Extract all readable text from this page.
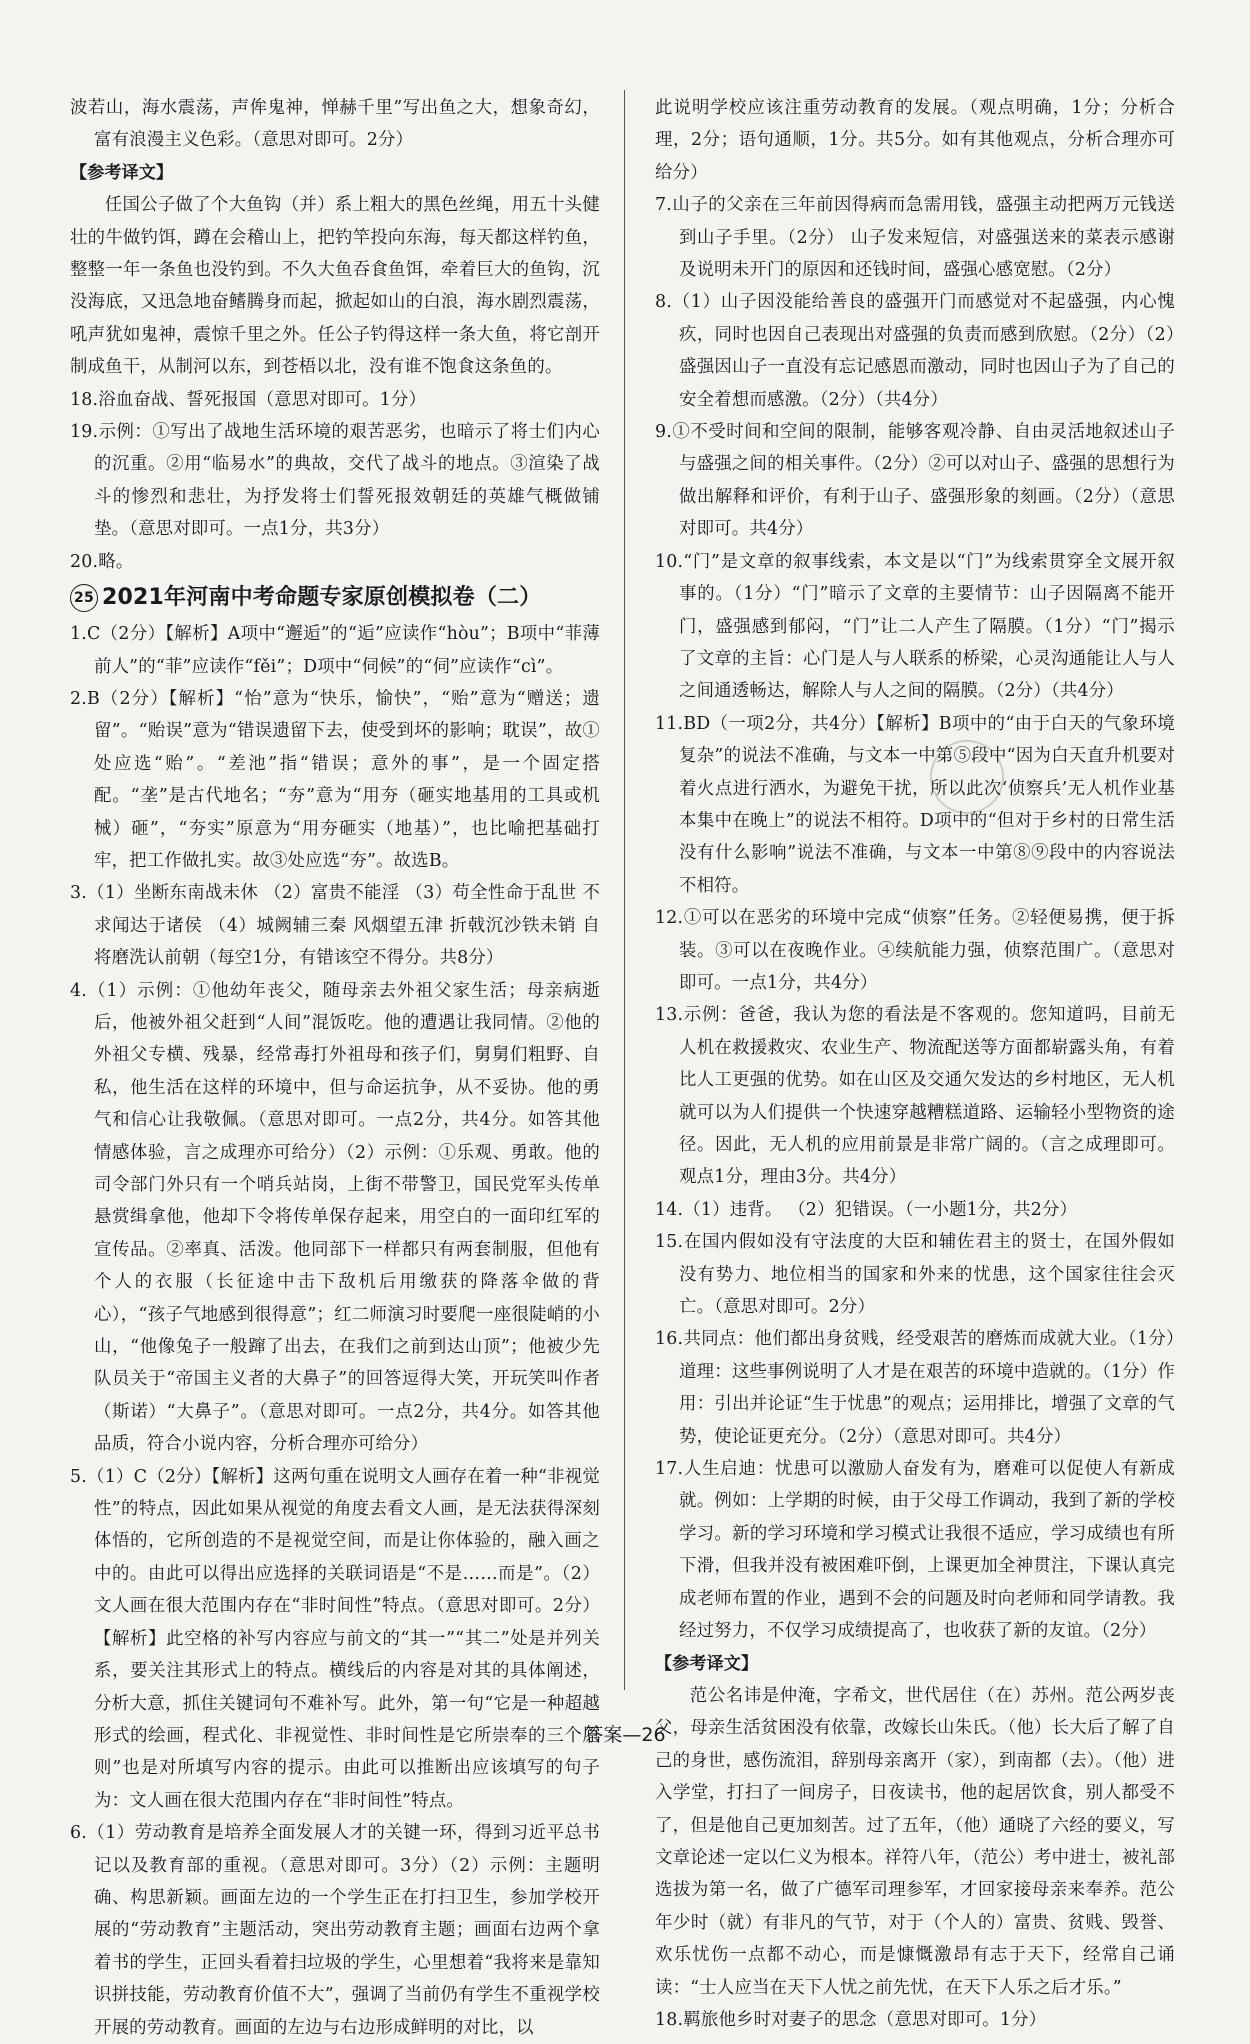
波若山，海水震荡，声侔鬼神，惮赫千里”写出鱼之大，想象奇幻，富有浪漫主义色彩。（意思对即可。2分）

【参考译文】

任国公子做了个大鱼钩（并）系上粗大的黑色丝绳，用五十头健壮的牛做钓饵，蹲在会稽山上，把钓竿投向东海，每天都这样钓鱼，整整一年一条鱼也没钓到。不久大鱼吞食鱼饵，牵着巨大的鱼钩，沉没海底，又迅急地奋鳍腾身而起，掀起如山的白浪，海水剧烈震荡，吼声犹如鬼神，震惊千里之外。任公子钓得这样一条大鱼，将它剖开制成鱼干，从制河以东，到苍梧以北，没有谁不饱食这条鱼的。

18.浴血奋战、誓死报国（意思对即可。1分）

19.示例：①写出了战地生活环境的艰苦恶劣，也暗示了将士们内心的沉重。②用“临易水”的典故，交代了战斗的地点。③渲染了战斗的惨烈和悲壮，为抒发将士们誓死报效朝廷的英雄气概做铺垫。（意思对即可。一点1分，共3分）

20.略。

25 2021年河南中考命题专家原创模拟卷（二）

1.C（2分）【解析】A项中“邂逅”的“逅”应读作“hòu”；B项中“菲薄前人”的“菲”应读作“fěi”；D项中“伺候”的“伺”应读作“cì”。

2.B（2分）【解析】“怡”意为“快乐，愉快”，“贻”意为“赠送；遗留”。“贻误”意为“错误遗留下去，使受到坏的影响；耽误”，故①处应选“贻”。“差池”指“错误；意外的事”，是一个固定搭配。“垄”是古代地名；“夯”意为“用夯（砸实地基用的工具或机械）砸”，“夯实”原意为“用夯砸实（地基）”，也比喻把基础打牢，把工作做扎实。故③处应选“夯”。故选B。

3.（1）坐断东南战未休 （2）富贵不能淫 （3）苟全性命于乱世 不求闻达于诸侯 （4）城阙辅三秦 风烟望五津 折戟沉沙铁未销 自将磨洗认前朝（每空1分，有错该空不得分。共8分）

4.（1）示例：①他幼年丧父，随母亲去外祖父家生活；母亲病逝后，他被外祖父赶到“人间”混饭吃。他的遭遇让我同情。②他的外祖父专横、残暴，经常毒打外祖母和孩子们，舅舅们粗野、自私，他生活在这样的环境中，但与命运抗争，从不妥协。他的勇气和信心让我敬佩。（意思对即可。一点2分，共4分。如答其他情感体验，言之成理亦可给分）（2）示例：①乐观、勇敢。他的司令部门外只有一个哨兵站岗，上街不带警卫，国民党军头传单悬赏缉拿他，他却下令将传单保存起来，用空白的一面印红军的宣传品。②率真、活泼。他同部下一样都只有两套制服，但他有个人的衣服（长征途中击下敌机后用缴获的降落伞做的背心），“孩子气地感到很得意”；红二师演习时要爬一座很陡峭的小山，“他像兔子一般蹿了出去，在我们之前到达山顶”；他被少先队员关于“帝国主义者的大鼻子”的回答逗得大笑，开玩笑叫作者（斯诺）“大鼻子”。（意思对即可。一点2分，共4分。如答其他品质，符合小说内容，分析合理亦可给分）

5.（1）C（2分）【解析】这两句重在说明文人画存在着一种“非视觉性”的特点，因此如果从视觉的角度去看文人画，是无法获得深刻体悟的，它所创造的不是视觉空间，而是让你体验的，融入画之中的。由此可以得出应选择的关联词语是“不是……而是”。（2）文人画在很大范围内存在“非时间性”特点。（意思对即可。2分）【解析】此空格的补写内容应与前文的“其一”“其二”处是并列关系，要关注其形式上的特点。横线后的内容是对其的具体阐述，分析大意，抓住关键词句不难补写。此外，第一句“它是一种超越形式的绘画，程式化、非视觉性、非时间性是它所崇奉的三个原则”也是对所填写内容的提示。由此可以推断出应该填写的句子为：文人画在很大范围内存在“非时间性”特点。

6.（1）劳动教育是培养全面发展人才的关键一环，得到习近平总书记以及教育部的重视。（意思对即可。3分）（2）示例：主题明确、构思新颖。画面左边的一个学生正在打扫卫生，参加学校开展的“劳动教育”主题活动，突出劳动教育主题；画面右边两个拿着书的学生，正回头看着扫垃圾的学生，心里想着“我将来是靠知识拼技能，劳动教育价值不大”，强调了当前仍有学生不重视学校开展的劳动教育。画面的左边与右边形成鲜明的对比，以

此说明学校应该注重劳动教育的发展。（观点明确，1分；分析合理，2分；语句通顺，1分。共5分。如有其他观点，分析合理亦可给分）

7.山子的父亲在三年前因得病而急需用钱，盛强主动把两万元钱送到山子手里。（2分） 山子发来短信，对盛强送来的菜表示感谢及说明未开门的原因和还钱时间，盛强心感宽慰。（2分）

8.（1）山子因没能给善良的盛强开门而感觉对不起盛强，内心愧疚，同时也因自己表现出对盛强的负责而感到欣慰。（2分）（2）盛强因山子一直没有忘记感恩而激动，同时也因山子为了自己的安全着想而感激。（2分）（共4分）

9.①不受时间和空间的限制，能够客观冷静、自由灵活地叙述山子与盛强之间的相关事件。（2分）②可以对山子、盛强的思想行为做出解释和评价，有利于山子、盛强形象的刻画。（2分）（意思对即可。共4分）

10.“门”是文章的叙事线索，本文是以“门”为线索贯穿全文展开叙事的。（1分）“门”暗示了文章的主要情节：山子因隔离不能开门，盛强感到郁闷，“门”让二人产生了隔膜。（1分）“门”揭示了文章的主旨：心门是人与人联系的桥梁，心灵沟通能让人与人之间通透畅达，解除人与人之间的隔膜。（2分）（共4分）

11.BD（一项2分，共4分）【解析】B项中的“由于白天的气象环境复杂”的说法不准确，与文本一中第⑤段中“因为白天直升机要对着火点进行洒水，为避免干扰，所以此次‘侦察兵’无人机作业基本集中在晚上”的说法不相符。D项中的“但对于乡村的日常生活没有什么影响”说法不准确，与文本一中第⑧⑨段中的内容说法不相符。

12.①可以在恶劣的环境中完成“侦察”任务。②轻便易携，便于拆装。③可以在夜晚作业。④续航能力强，侦察范围广。（意思对即可。一点1分，共4分）

13.示例：爸爸，我认为您的看法是不客观的。您知道吗，目前无人机在救援救灾、农业生产、物流配送等方面都崭露头角，有着比人工更强的优势。如在山区及交通欠发达的乡村地区，无人机就可以为人们提供一个快速穿越糟糕道路、运输轻小型物资的途径。因此，无人机的应用前景是非常广阔的。（言之成理即可。观点1分，理由3分。共4分）

14.（1）违背。 （2）犯错误。（一小题1分，共2分）

15.在国内假如没有守法度的大臣和辅佐君主的贤士，在国外假如没有势力、地位相当的国家和外来的忧患，这个国家往往会灭亡。（意思对即可。2分）

16.共同点：他们都出身贫贱，经受艰苦的磨炼而成就大业。（1分）道理：这些事例说明了人才是在艰苦的环境中造就的。（1分）作用：引出并论证“生于忧患”的观点；运用排比，增强了文章的气势，使论证更充分。（2分）（意思对即可。共4分）

17.人生启迪：忧患可以激励人奋发有为，磨难可以促使人有新成就。例如：上学期的时候，由于父母工作调动，我到了新的学校学习。新的学习环境和学习模式让我很不适应，学习成绩也有所下滑，但我并没有被困难吓倒，上课更加全神贯注，下课认真完成老师布置的作业，遇到不会的问题及时向老师和同学请教。我经过努力，不仅学习成绩提高了，也收获了新的友谊。（2分）

【参考译文】

范公名讳是仲淹，字希文，世代居住（在）苏州。范公两岁丧父，母亲生活贫困没有依靠，改嫁长山朱氏。（他）长大后了解了自己的身世，感伤流泪，辞别母亲离开（家），到南都（去）。（他）进入学堂，打扫了一间房子，日夜读书，他的起居饮食，别人都受不了，但是他自己更加刻苦。过了五年，（他）通晓了六经的要义，写文章论述一定以仁义为根本。祥符八年，（范公）考中进士，被礼部选拔为第一名，做了广德军司理参军，才回家接母亲来奉养。范公年少时（就）有非凡的气节，对于（个人的）富贵、贫贱、毁誉、欢乐忧伤一点都不动心，而是慷慨激昂有志于天下，经常自己诵读：“士人应当在天下人忧之前先忧，在天下人乐之后才乐。”

18.羁旅他乡时对妻子的思念（意思对即可。1分）

答案—26
